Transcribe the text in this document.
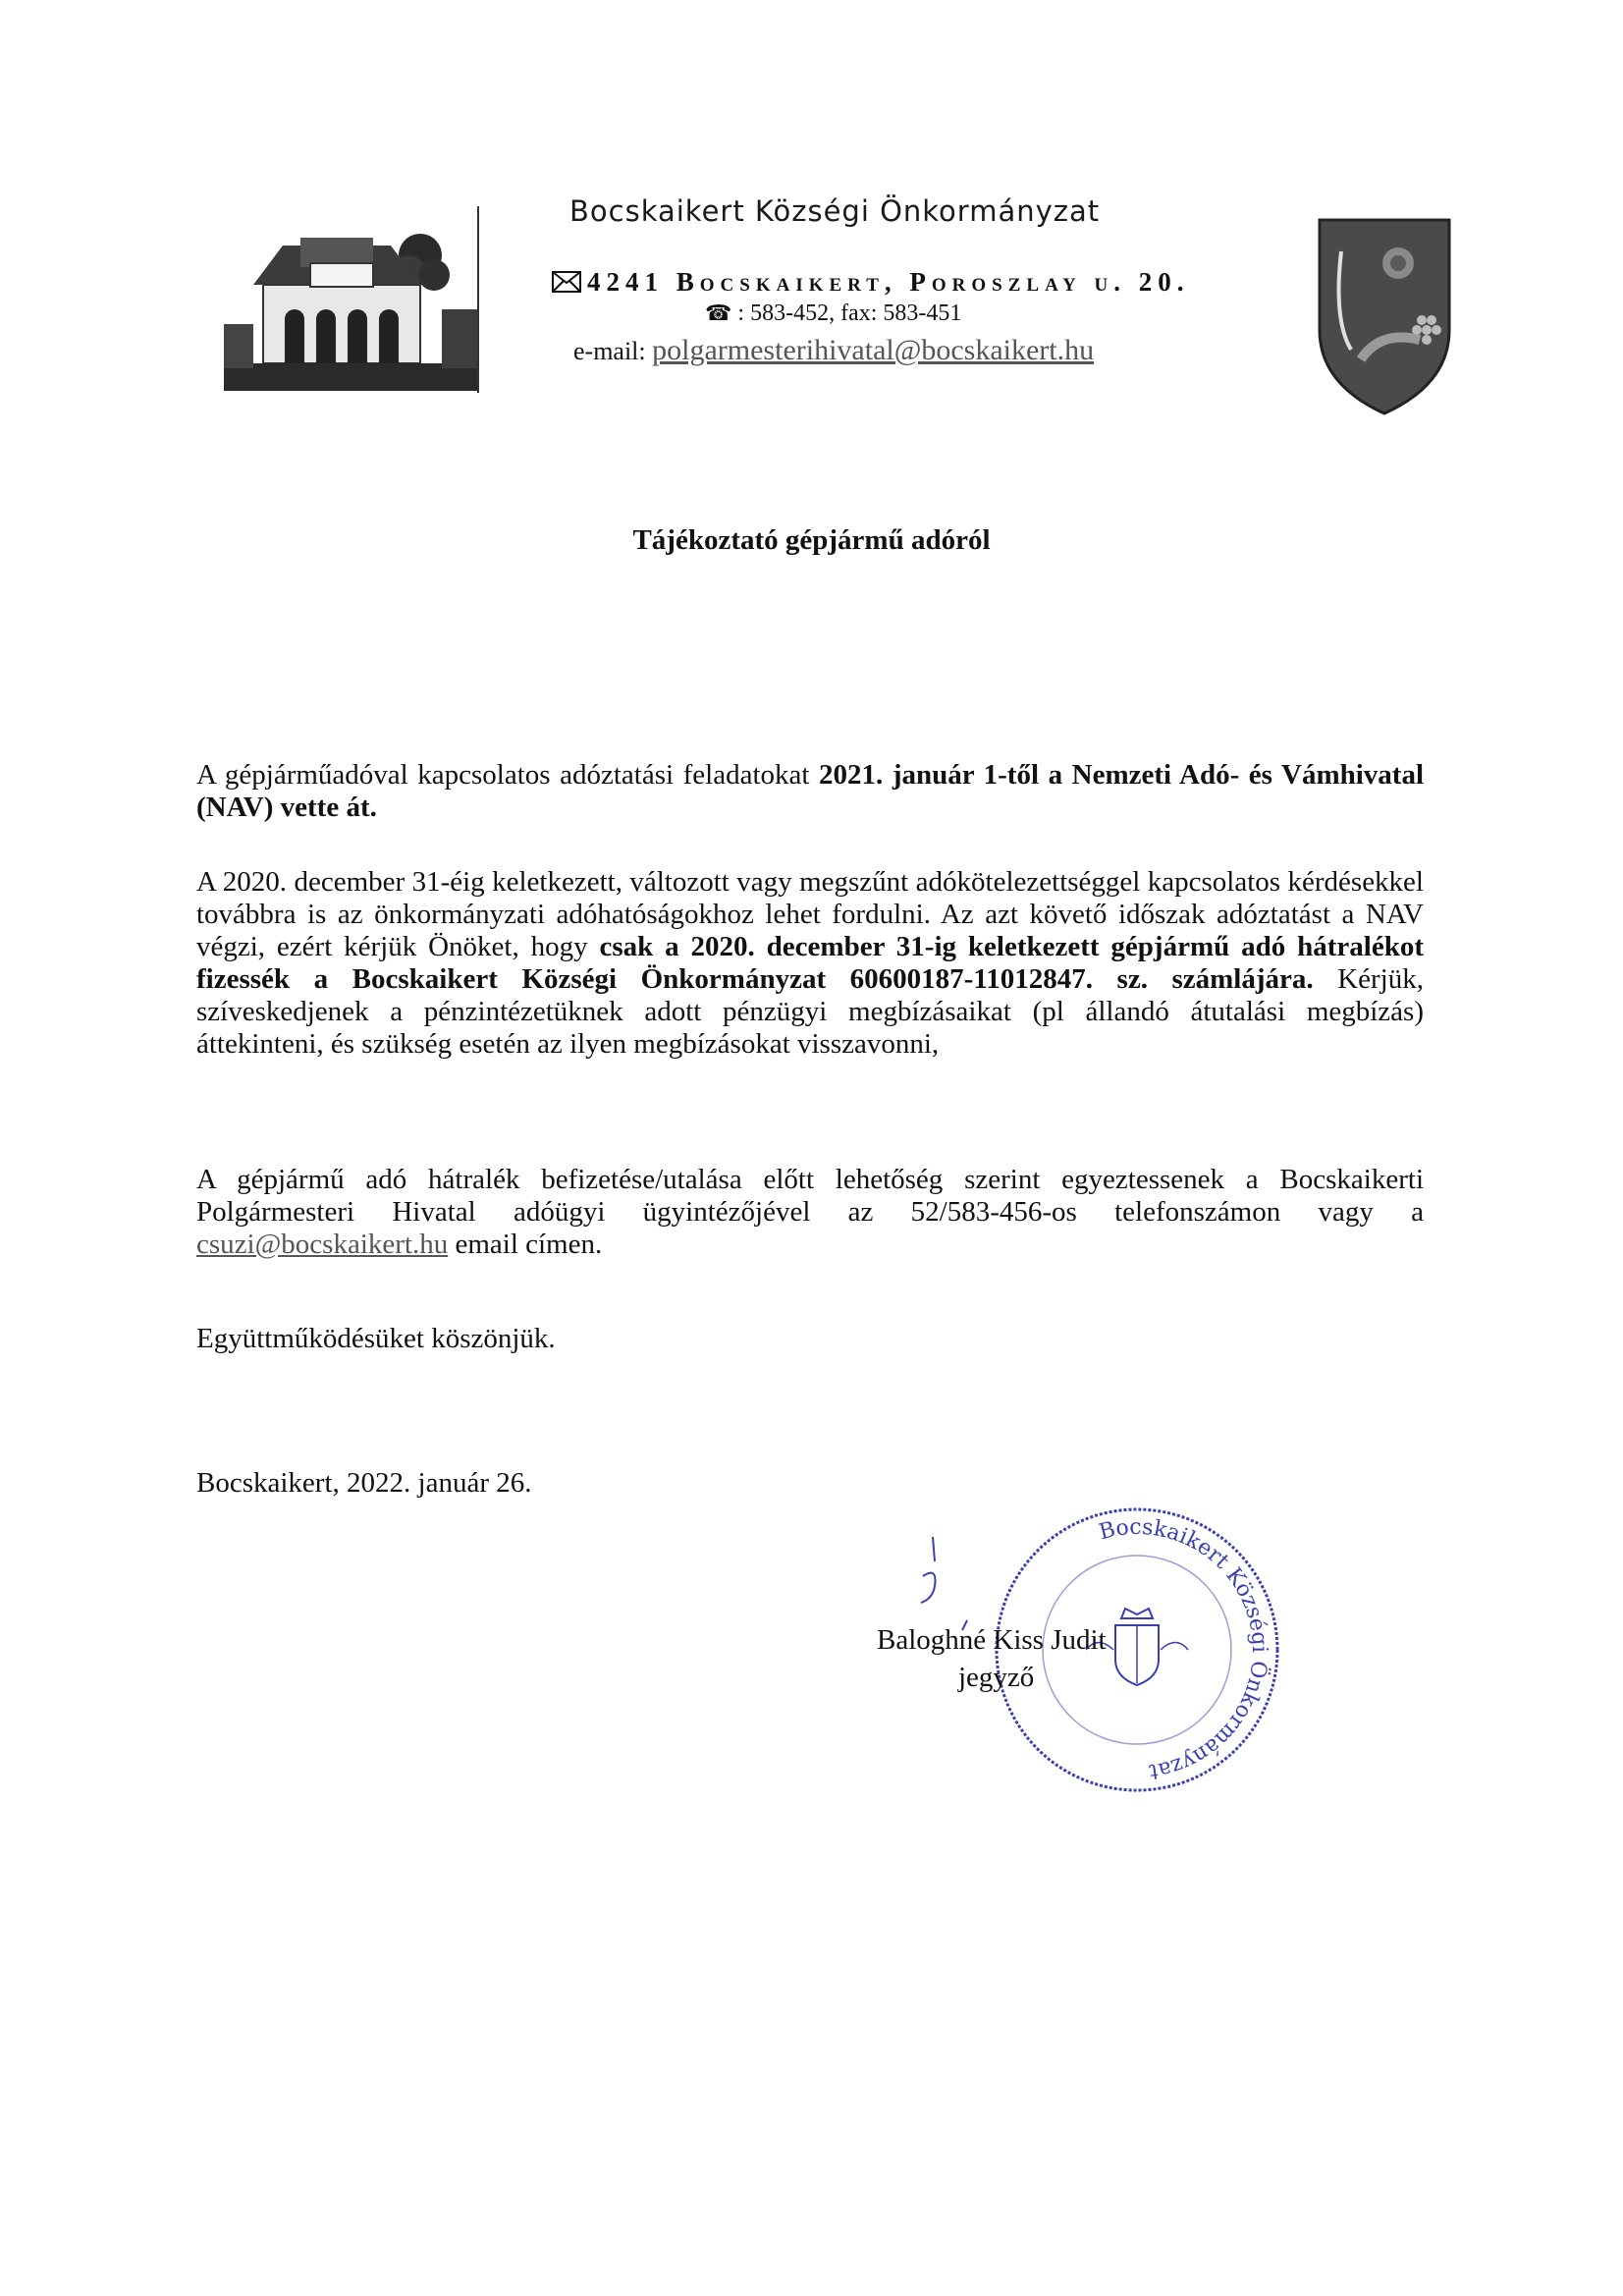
Bocskaikert Községi Önkormányzat
4241 Bocskaikert, Poroszlay u. 20.
☎ : 583-452, fax: 583-451
e-mail: polgarmesterihivatal@bocskaikert.hu
Tájékoztató gépjármű adóról
A gépjárműadóval kapcsolatos adóztatási feladatokat 2021. január 1-től a Nemzeti Adó- és Vámhivatal (NAV) vette át.
A 2020. december 31-éig keletkezett, változott vagy megszűnt adókötelezettséggel kapcsolatos kérdésekkel továbbra is az önkormányzati adóhatóságokhoz lehet fordulni. Az azt követő időszak adóztatást a NAV végzi, ezért kérjük Önöket, hogy csak a 2020. december 31-ig keletkezett gépjármű adó hátralékot fizessék a Bocskaikert Községi Önkormányzat 60600187-11012847. sz. számlájára. Kérjük, szíveskedjenek a pénzintézetüknek adott pénzügyi megbízásaikat (pl állandó átutalási megbízás) áttekinteni, és szükség esetén az ilyen megbízásokat visszavonni,
A gépjármű adó hátralék befizetése/utalása előtt lehetőség szerint egyeztessenek a Bocskaikerti Polgármesteri Hivatal adóügyi ügyintézőjével az 52/583-456-os telefonszámon vagy a csuzi@bocskaikert.hu email címen.
Együttműködésüket köszönjük.
Bocskaikert, 2022. január 26.
Bocskaikert Községi Önkormányzat
Baloghné Kiss Judit
jegyző
